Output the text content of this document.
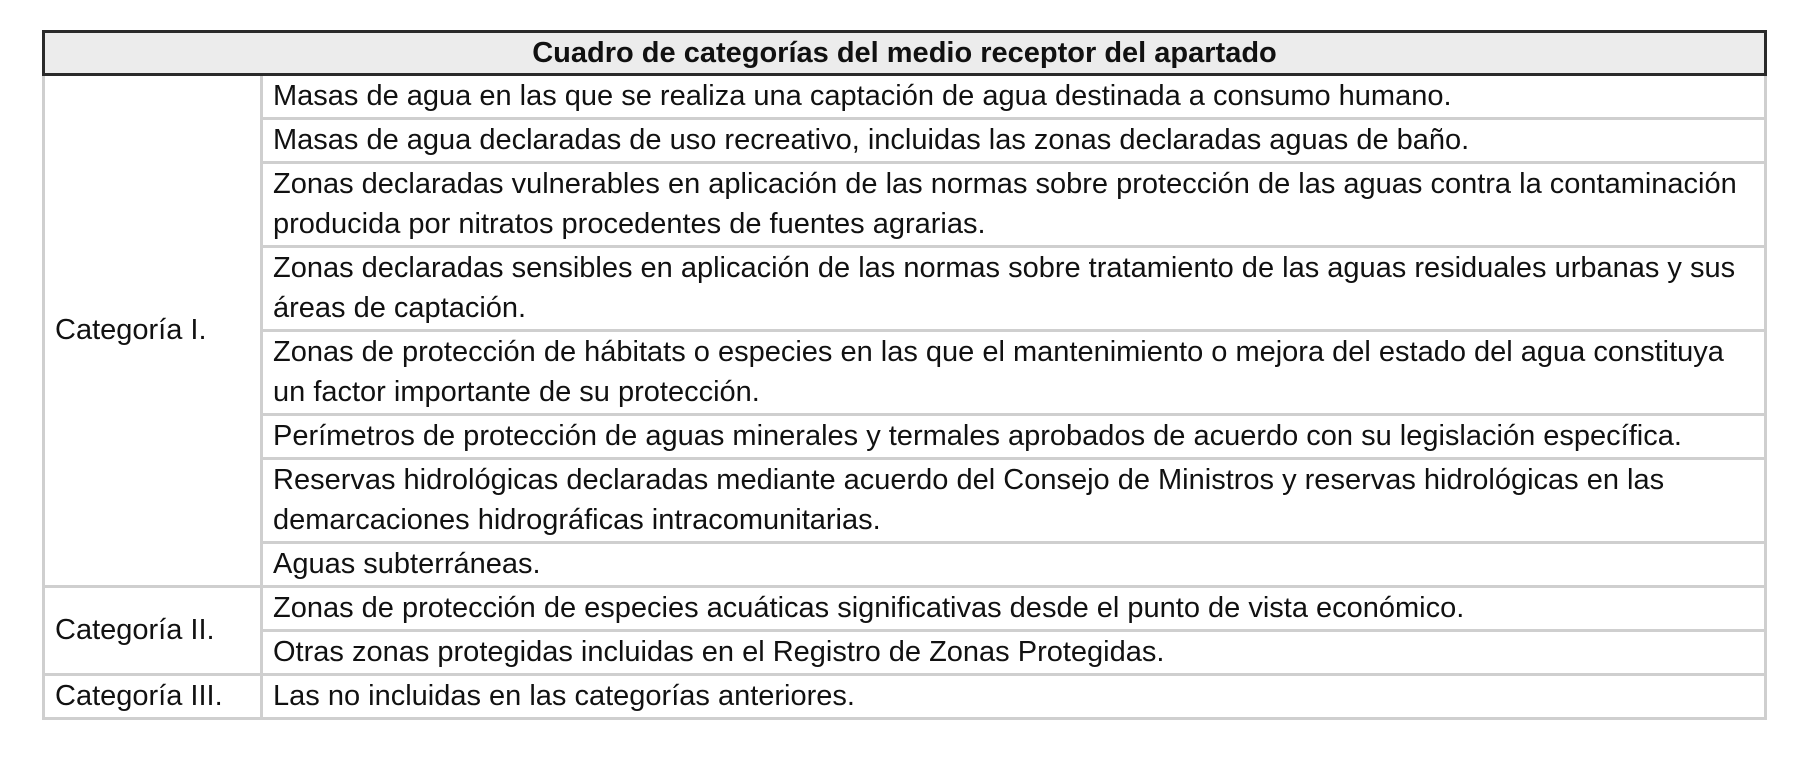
Cuadro de categorías del medio receptor del apartado	
Categoría I.	Masas de agua en las que se realiza una captación de agua destinada a consumo humano.
	Masas de agua declaradas de uso recreativo, incluidas las zonas declaradas aguas de baño.
	Zonas declaradas vulnerables en aplicación de las normas sobre protección de las aguas contra la contaminación producida por nitratos procedentes de fuentes agrarias.
	Zonas declaradas sensibles en aplicación de las normas sobre tratamiento de las aguas residuales urbanas y sus áreas de captación.
	Zonas de protección de hábitats o especies en las que el mantenimiento o mejora del estado del agua constituya un factor importante de su protección.
	Perímetros de protección de aguas minerales y termales aprobados de acuerdo con su legislación específica.
	Reservas hidrológicas declaradas mediante acuerdo del Consejo de Ministros y reservas hidrológicas en las demarcaciones hidrográficas intracomunitarias.
	Aguas subterráneas.
Categoría II.	Zonas de protección de especies acuáticas significativas desde el punto de vista económico.
	Otras zonas protegidas incluidas en el Registro de Zonas Protegidas.
Categoría III.	Las no incluidas en las categorías anteriores.
